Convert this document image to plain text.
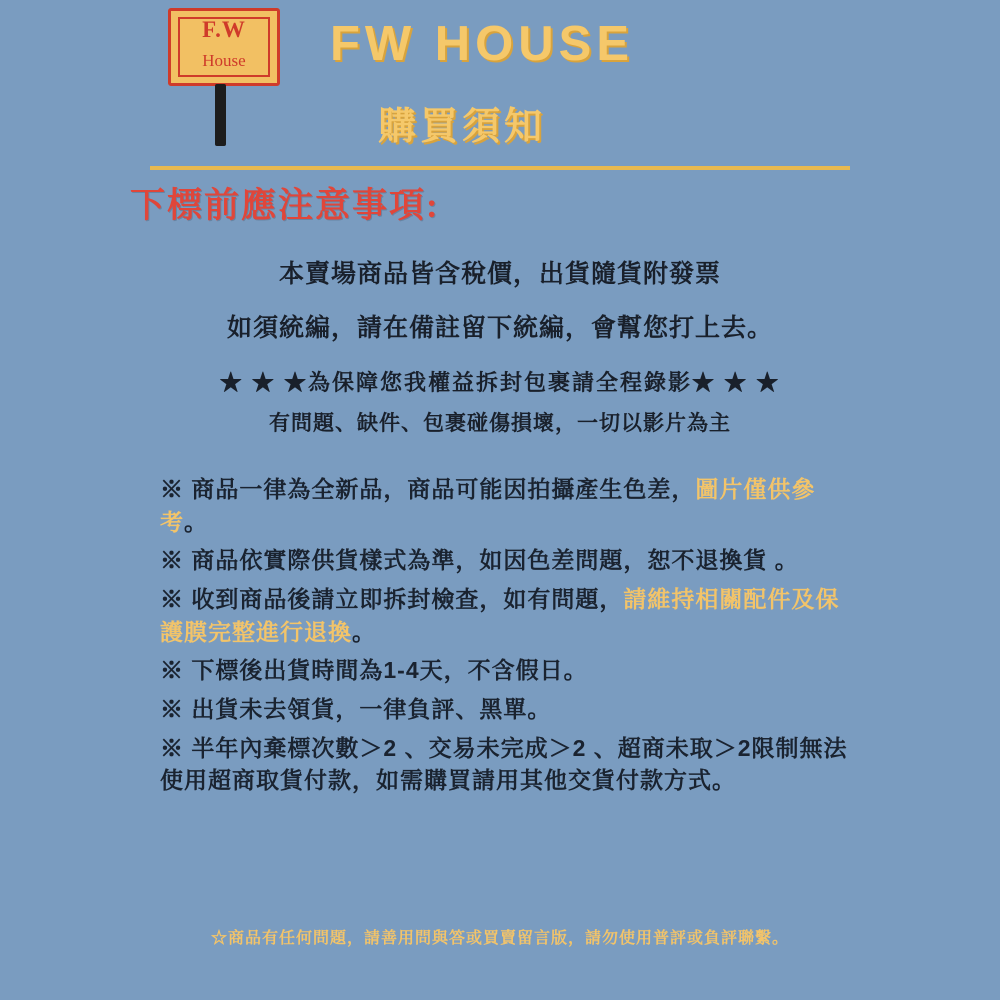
F.W
House	FW HOUSE
購買須知
下標前應注意事項:
本賣場商品皆含稅價，出貨隨貨附發票
如須統編，請在備註留下統編，會幫您打上去。
★ ★ ★為保障您我權益拆封包裹請全程錄影★ ★ ★
有問題、缺件、包裹碰傷損壞，一切以影片為主
※ 商品一律為全新品，商品可能因拍攝產生色差，圖片僅供參考。
※ 商品依實際供貨樣式為準，如因色差問題，恕不退換貨 。
※ 收到商品後請立即拆封檢查，如有問題，請維持相關配件及保護膜完整進行退換。
※ 下標後出貨時間為1-4天，不含假日。
※ 出貨未去領貨，一律負評、黑單。
※ 半年內棄標次數＞2 、交易未完成＞2 、超商未取＞2限制無法使用超商取貨付款，如需購買請用其他交貨付款方式。
☆商品有任何問題，請善用問與答或買賣留言版，請勿使用普評或負評聯繫。
